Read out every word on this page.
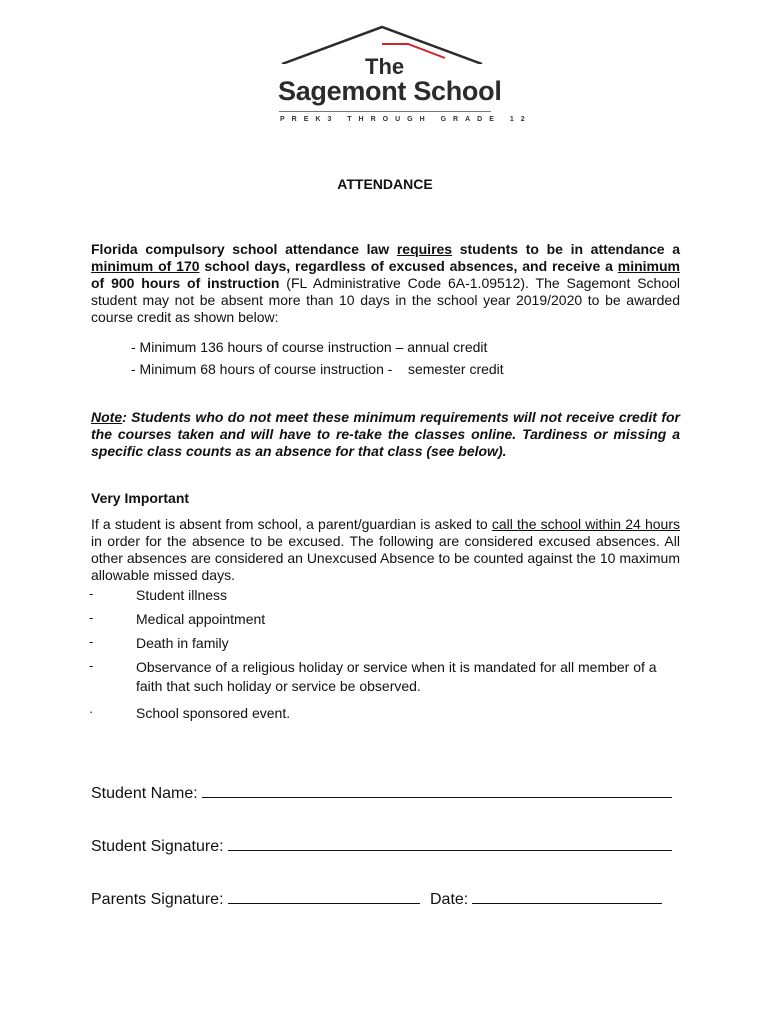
The
Sagemont School
PREK3 THROUGH GRADE 12
ATTENDANCE
Florida compulsory school attendance law requires students to be in attendance a minimum of 170 school days, regardless of excused absences, and receive a minimum of 900 hours of instruction (FL Administrative Code 6A-1.09512). The Sagemont School student may not be absent more than 10 days in the school year 2019/2020 to be awarded course credit as shown below:
- Minimum 136 hours of course instruction – annual credit
- Minimum 68 hours of course instruction -    semester credit
Note: Students who do not meet these minimum requirements will not receive credit for the courses taken and will have to re-take the classes online. Tardiness or missing a specific class counts as an absence for that class (see below).
Very Important
If a student is absent from school, a parent/guardian is asked to call the school within 24 hours in order for the absence to be excused. The following are considered excused absences. All other absences are considered an Unexcused Absence to be counted against the 10 maximum allowable missed days.
-	Student illness
-	Medical appointment
-	Death in family
-	Observance of a religious holiday or service when it is mandated for all member of a faith that such holiday or service be observed.
·	School sponsored event.
Student Name:
Student Signature:
Parents Signature:	Date:
